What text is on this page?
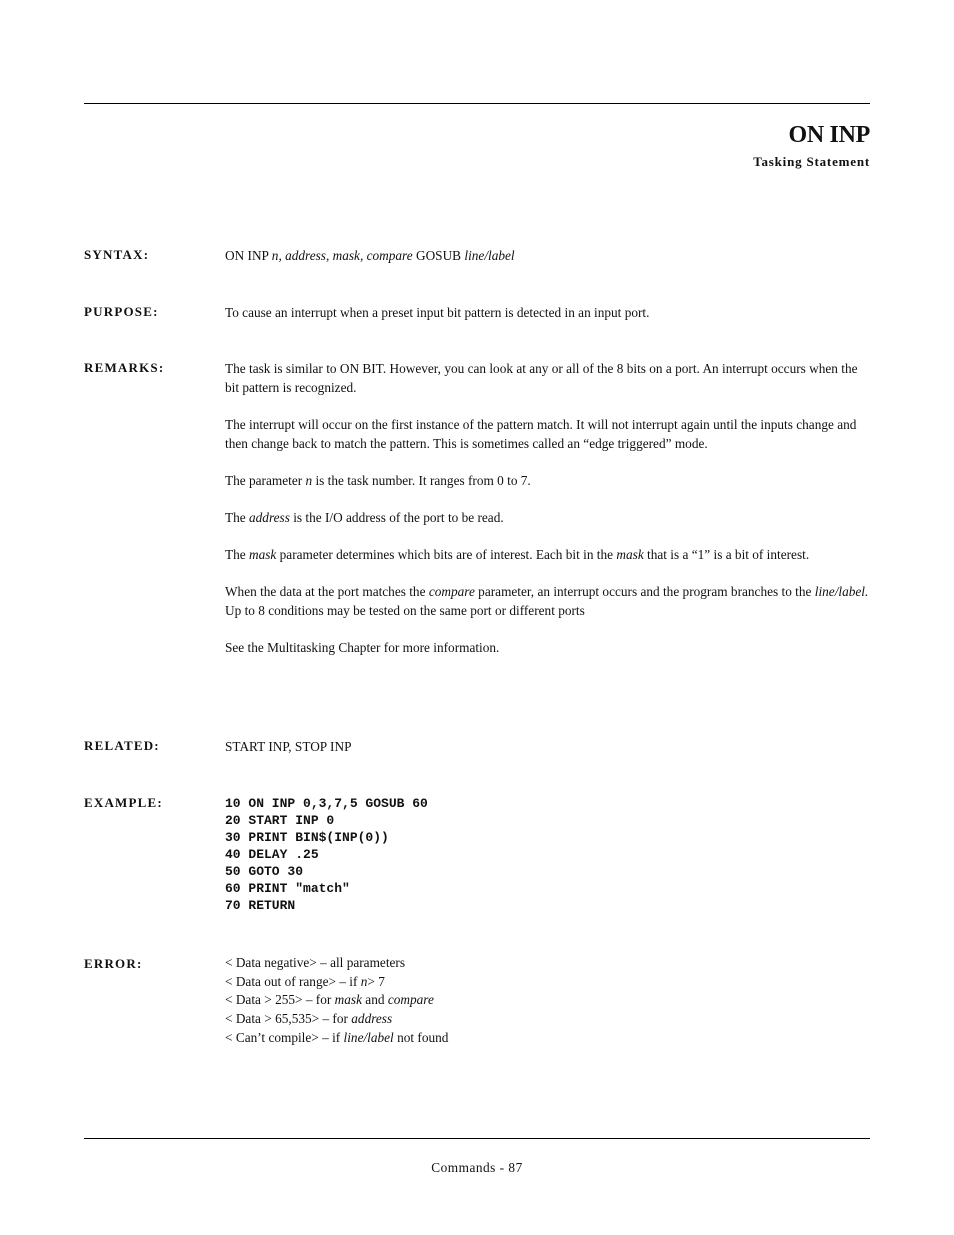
ON INP
Tasking Statement
SYNTAX:	ON INP n, address, mask, compare GOSUB line/label
PURPOSE:	To cause an interrupt when a preset input bit pattern is detected in an input port.
REMARKS:	The task is similar to ON BIT. However, you can look at any or all of the 8 bits on a port. An interrupt occurs when the bit pattern is recognized.

The interrupt will occur on the first instance of the pattern match. It will not interrupt again until the inputs change and then change back to match the pattern. This is sometimes called an “edge triggered” mode.

The parameter n is the task number. It ranges from 0 to 7.

The address is the I/O address of the port to be read.

The mask parameter determines which bits are of interest. Each bit in the mask that is a “1” is a bit of interest.

When the data at the port matches the compare parameter, an interrupt occurs and the program branches to the line/label. Up to 8 conditions may be tested on the same port or different ports

See the Multitasking Chapter for more information.

RELATED:	START INP, STOP INP
EXAMPLE:	10 ON INP 0,3,7,5 GOSUB 60
20 START INP 0
30 PRINT BIN$(INP(0))
40 DELAY .25
50 GOTO 30
60 PRINT "match"
70 RETURN
ERROR:	< Data negative> – all parameters
< Data out of range> – if n> 7
< Data > 255> – for mask and compare
< Data > 65,535> – for address
< Can’t compile> – if line/label not found
Commands - 87
